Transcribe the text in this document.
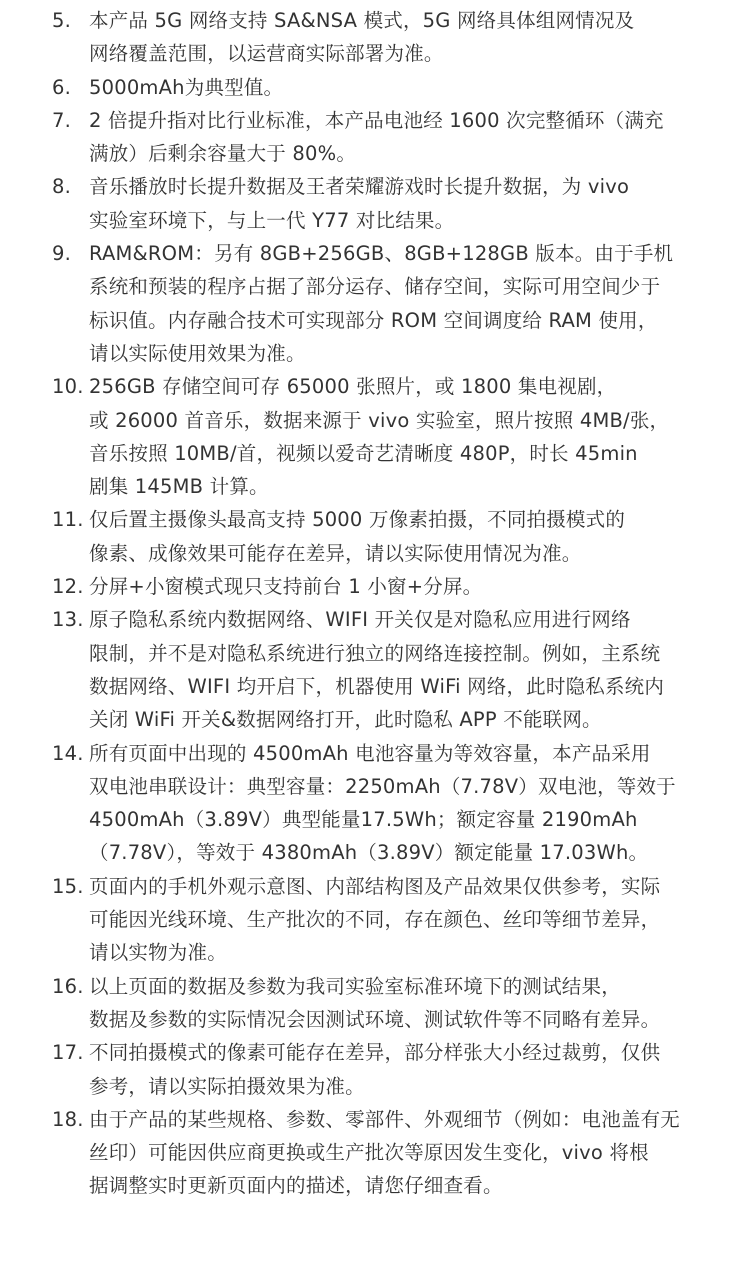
5. 本产品 5G 网络支持 SA&NSA 模式，5G 网络具体组网情况及
网络覆盖范围，以运营商实际部署为准。
6. 5000mAh为典型值。
7. 2 倍提升指对比行业标准，本产品电池经 1600 次完整循环（满充
满放）后剩余容量大于 80%。
8. 音乐播放时长提升数据及王者荣耀游戏时长提升数据，为 vivo
实验室环境下，与上一代 Y77 对比结果。
9. RAM&ROM：另有 8GB+256GB、8GB+128GB 版本。由于手机
系统和预装的程序占据了部分运存、储存空间，实际可用空间少于
标识值。内存融合技术可实现部分 ROM 空间调度给 RAM 使用，
请以实际使用效果为准。
10. 256GB 存储空间可存 65000 张照片，或 1800 集电视剧，
或 26000 首音乐，数据来源于 vivo 实验室，照片按照 4MB/张，
音乐按照 10MB/首，视频以爱奇艺清晰度 480P，时长 45min
剧集 145MB 计算。
11. 仅后置主摄像头最高支持 5000 万像素拍摄，不同拍摄模式的
像素、成像效果可能存在差异，请以实际使用情况为准。
12. 分屏+小窗模式现只支持前台 1 小窗+分屏。
13. 原子隐私系统内数据网络、WIFI 开关仅是对隐私应用进行网络
限制，并不是对隐私系统进行独立的网络连接控制。例如，主系统
数据网络、WIFI 均开启下，机器使用 WiFi 网络，此时隐私系统内
关闭 WiFi 开关&数据网络打开，此时隐私 APP 不能联网。
14. 所有页面中出现的 4500mAh 电池容量为等效容量，本产品采用
双电池串联设计：典型容量：2250mAh（7.78V）双电池，等效于
4500mAh（3.89V）典型能量17.5Wh；额定容量 2190mAh
（7.78V），等效于 4380mAh（3.89V）额定能量 17.03Wh。
15. 页面内的手机外观示意图、内部结构图及产品效果仅供参考，实际
可能因光线环境、生产批次的不同，存在颜色、丝印等细节差异，
请以实物为准。
16. 以上页面的数据及参数为我司实验室标准环境下的测试结果，
数据及参数的实际情况会因测试环境、测试软件等不同略有差异。
17. 不同拍摄模式的像素可能存在差异，部分样张大小经过裁剪，仅供
参考，请以实际拍摄效果为准。
18. 由于产品的某些规格、参数、零部件、外观细节（例如：电池盖有无
丝印）可能因供应商更换或生产批次等原因发生变化，vivo 将根
据调整实时更新页面内的描述，请您仔细查看。
